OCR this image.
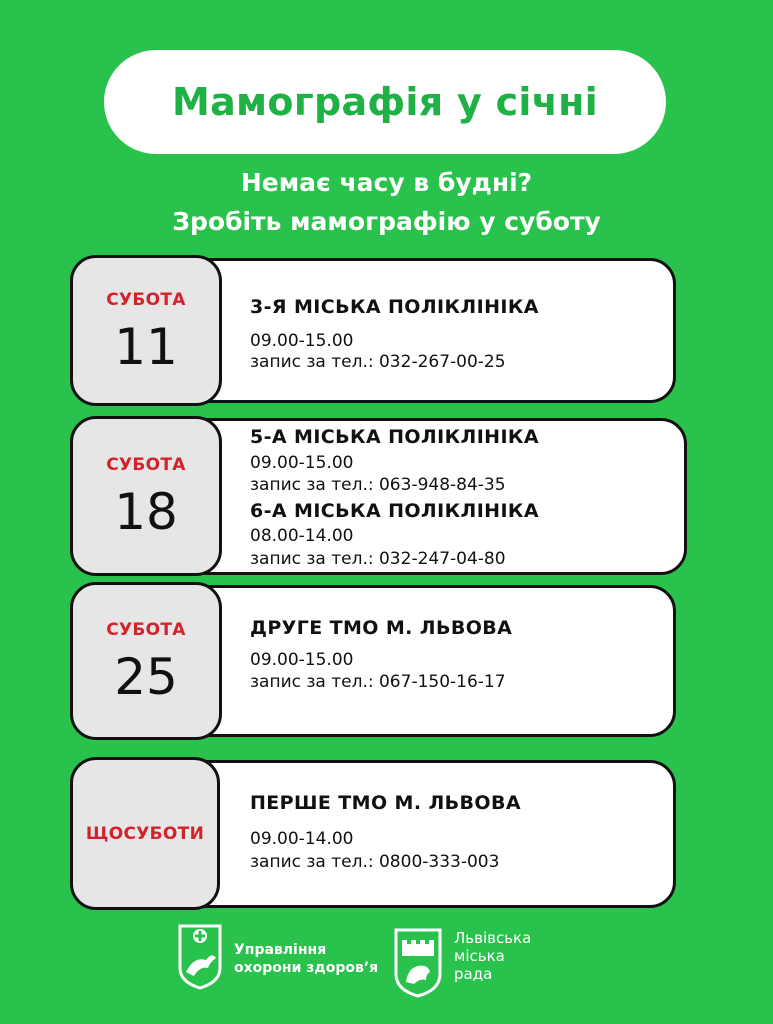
Мамографія у січні
Немає часу в будні?
Зробіть мамографію у суботу
СУБОТА
11
3-Я МІСЬКА ПОЛІКЛІНІКА
09.00-15.00
запис за тел.: 032-267-00-25
СУБОТА
18
5-А МІСЬКА ПОЛІКЛІНІКА
09.00-15.00
запис за тел.: 063-948-84-35
6-А МІСЬКА ПОЛІКЛІНІКА
08.00-14.00
запис за тел.: 032-247-04-80
СУБОТА
25
ДРУГЕ ТМО М. ЛЬВОВА
09.00-15.00
запис за тел.: 067-150-16-17
ЩОСУБОТИ
ПЕРШЕ ТМО М. ЛЬВОВА
09.00-14.00
запис за тел.: 0800-333-003
Управління
охорони здоров’я
Львівська
міська
рада
